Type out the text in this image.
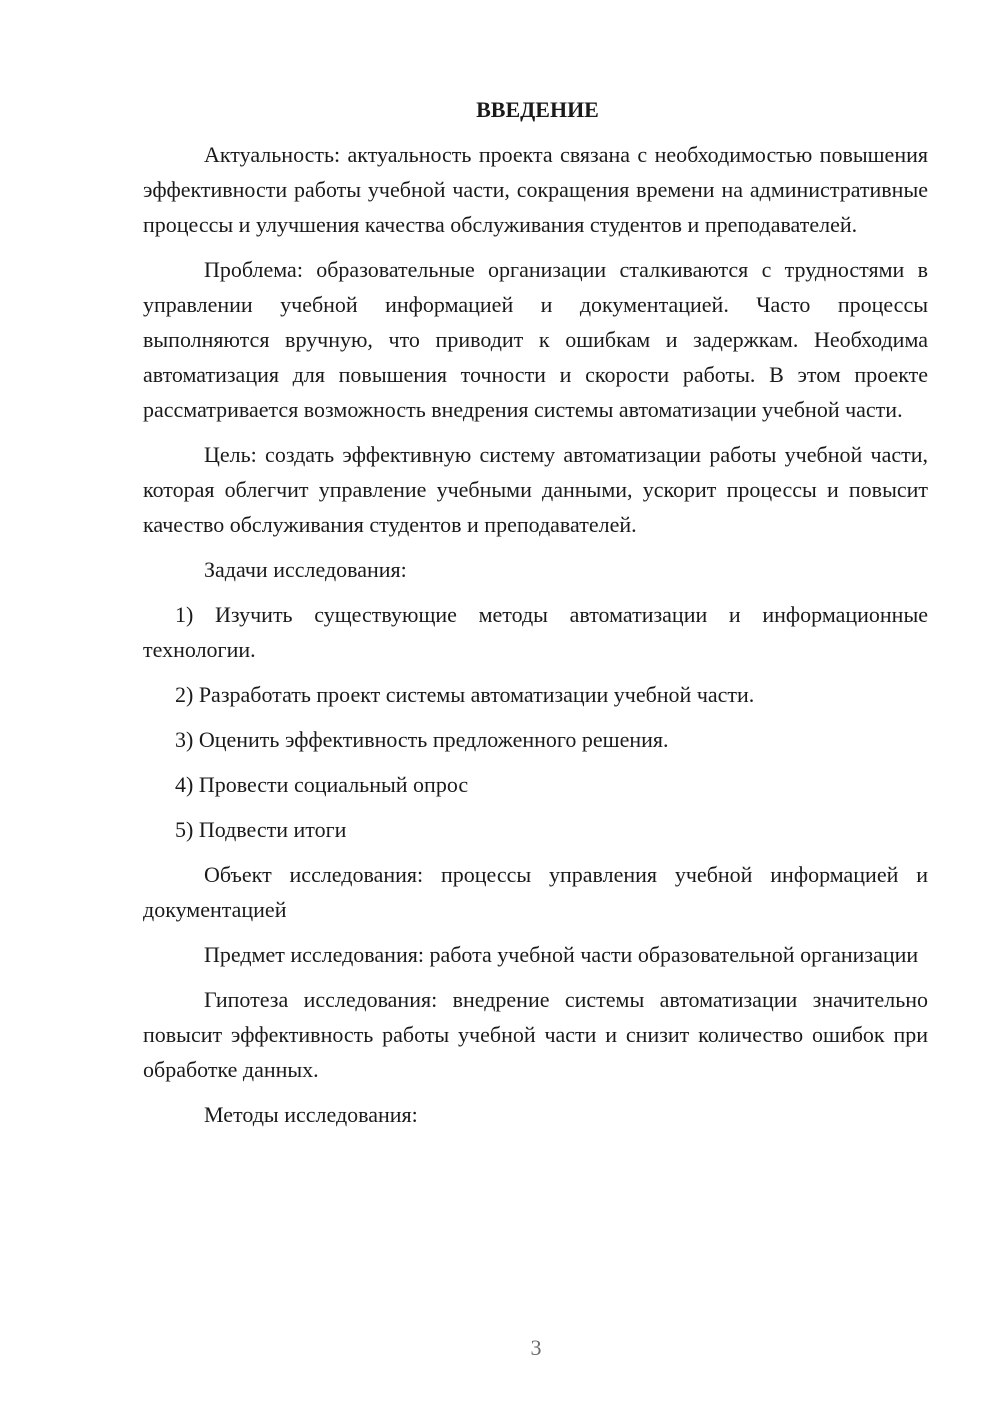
ВВЕДЕНИЕ

Актуальность: актуальность проекта связана с необходимостью повышения эффективности работы учебной части, сокращения времени на административные процессы и улучшения качества обслуживания студентов и преподавателей.

Проблема: образовательные организации сталкиваются с трудностями в управлении учебной информацией и документацией. Часто процессы выполняются вручную, что приводит к ошибкам и задержкам. Необходима автоматизация для повышения точности и скорости работы. В этом проекте рассматривается возможность внедрения системы автоматизации учебной части.

Цель: создать эффективную систему автоматизации работы учебной части, которая облегчит управление учебными данными, ускорит процессы и повысит качество обслуживания студентов и преподавателей.

Задачи исследования:

1) Изучить существующие методы автоматизации и информационные технологии.

2) Разработать проект системы автоматизации учебной части.

3) Оценить эффективность предложенного решения.

4) Провести социальный опрос

5) Подвести итоги

Объект исследования: процессы управления учебной информацией и документацией

Предмет исследования: работа учебной части образовательной организации

Гипотеза исследования: внедрение системы автоматизации значительно повысит эффективность работы учебной части и снизит количество ошибок при обработке данных.

Методы исследования:

3
